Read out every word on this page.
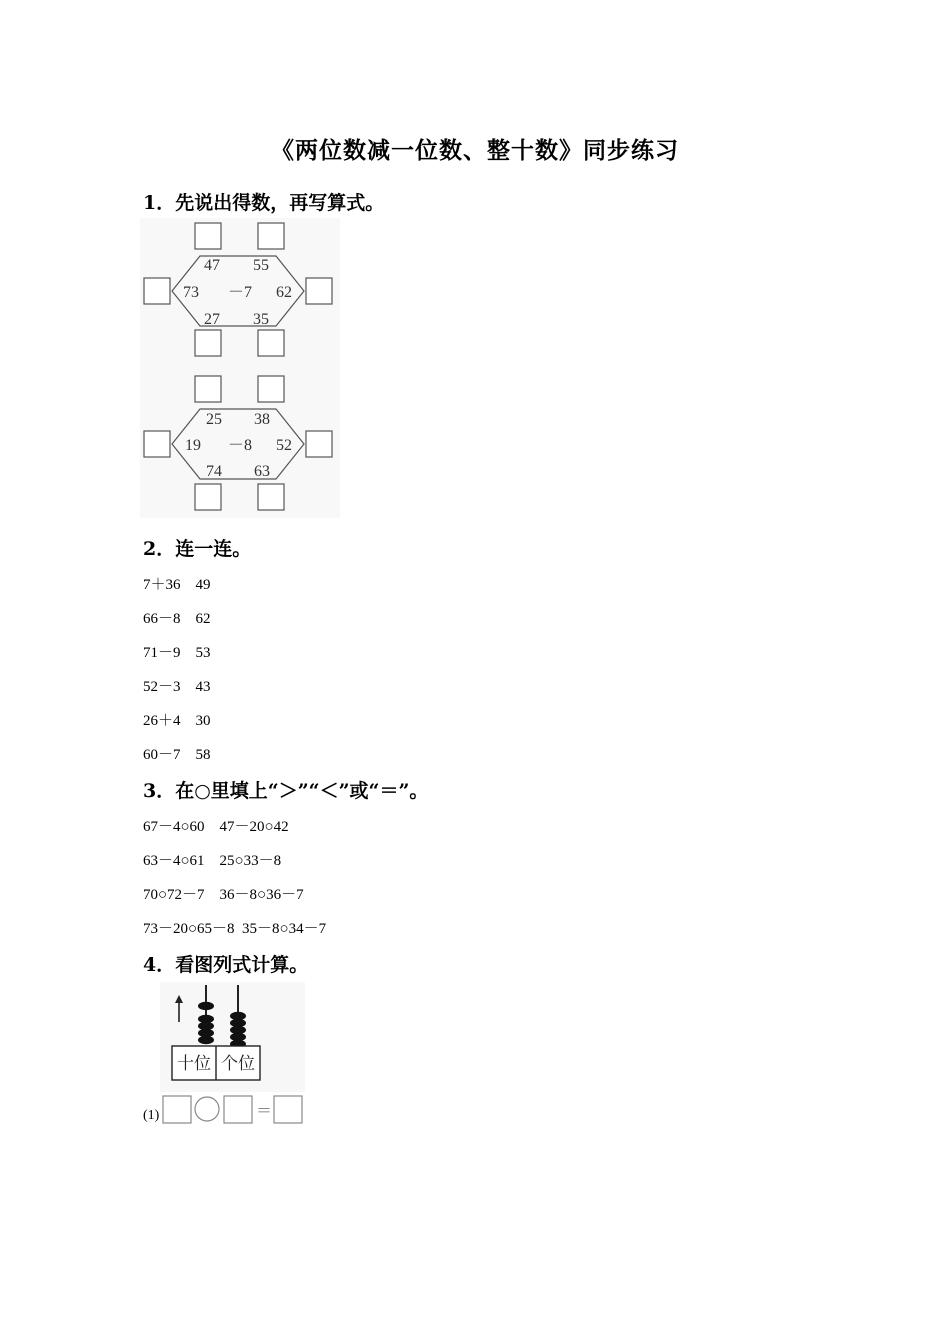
《两位数减一位数、整十数》同步练习
1．先说出得数，再写算式。
47 55
73 －7 62
27 35
25 38
19 －8 52
74 63
2．连一连。
7＋36　49
66－8　62
71－9　53
52－3　43
26＋4　30
60－7　58
3．在○里填上“＞”“＜”或“＝”。
67－4○60　47－20○42
63－4○61　25○33－8
70○72－7　36－8○36－7
73－20○65－8  35－8○34－7
4．看图列式计算。
十位 个位
(1)	＝
